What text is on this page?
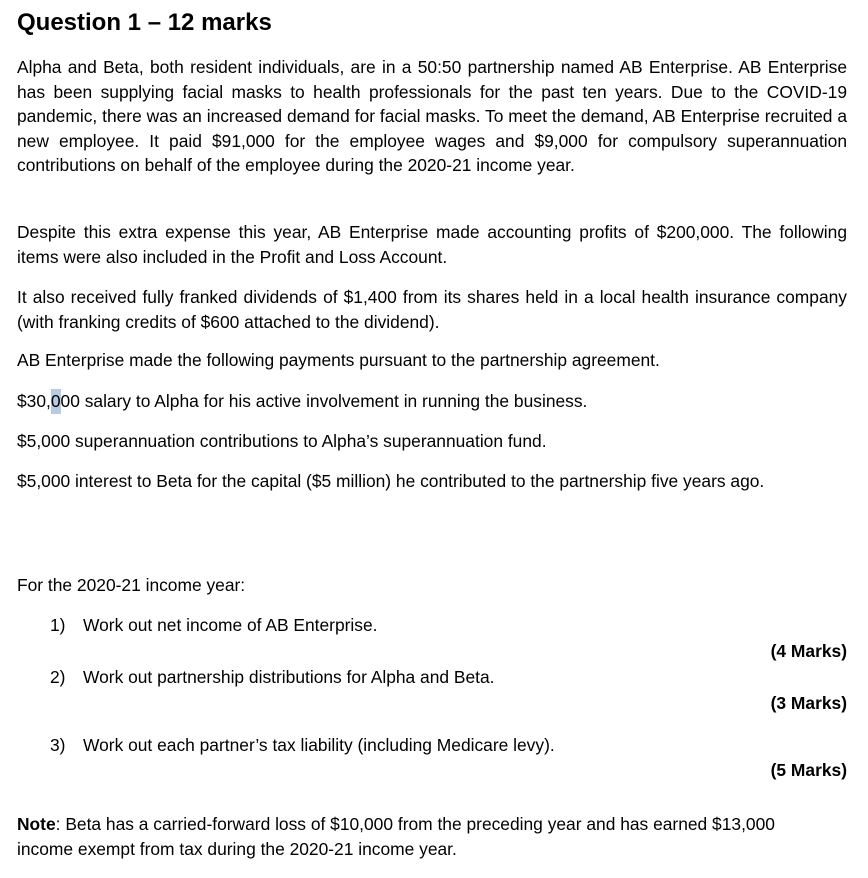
Question 1 – 12 marks

Alpha and Beta, both resident individuals, are in a 50:50 partnership named AB Enterprise. AB Enterprise has been supplying facial masks to health professionals for the past ten years. Due to the COVID-19 pandemic, there was an increased demand for facial masks. To meet the demand, AB Enterprise recruited a new employee. It paid $91,000 for the employee wages and $9,000 for compulsory superannuation contributions on behalf of the employee during the 2020-21 income year.

Despite this extra expense this year, AB Enterprise made accounting profits of $200,000. The following items were also included in the Profit and Loss Account.

It also received fully franked dividends of $1,400 from its shares held in a local health insurance company (with franking credits of $600 attached to the dividend).

AB Enterprise made the following payments pursuant to the partnership agreement.

$30,000 salary to Alpha for his active involvement in running the business.

$5,000 superannuation contributions to Alpha’s superannuation fund.

$5,000 interest to Beta for the capital ($5 million) he contributed to the partnership five years ago.

For the 2020-21 income year:

1) Work out net income of AB Enterprise.
(4 Marks)
2) Work out partnership distributions for Alpha and Beta.
(3 Marks)
3) Work out each partner’s tax liability (including Medicare levy).
(5 Marks)

Note: Beta has a carried-forward loss of $10,000 from the preceding year and has earned $13,000 income exempt from tax during the 2020-21 income year.
